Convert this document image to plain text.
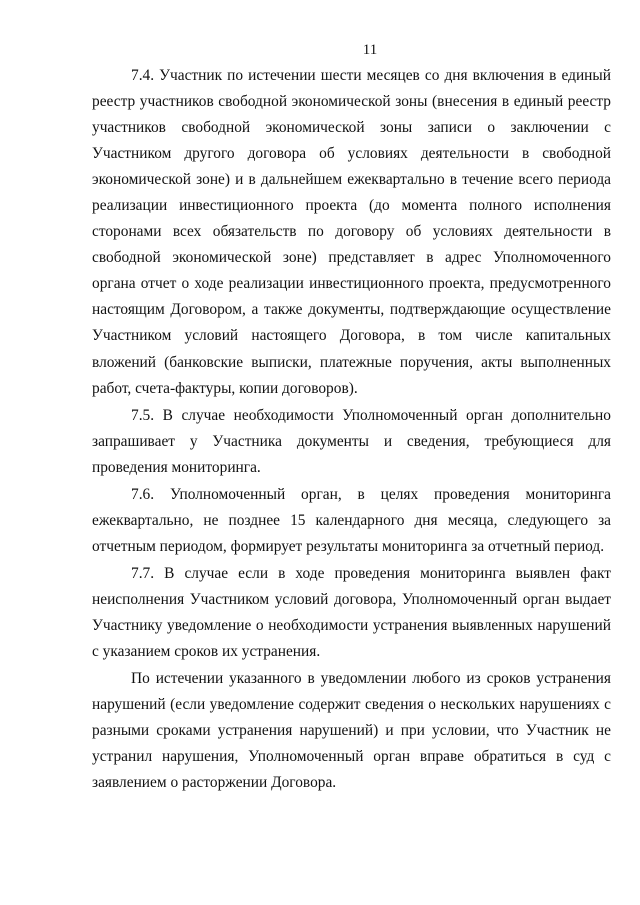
11

7.4. Участник по истечении шести месяцев со дня включения в единый реестр участников свободной экономической зоны (внесения в единый реестр участников свободной экономической зоны записи о заключении с Участником другого договора об условиях деятельности в свободной экономической зоне) и в дальнейшем ежеквартально в течение всего периода реализации инвестиционного проекта (до момента полного исполнения сторонами всех обязательств по договору об условиях деятельности в свободной экономической зоне) представляет в адрес Уполномоченного органа отчет о ходе реализации инвестиционного проекта, предусмотренного настоящим Договором, а также документы, подтверждающие осуществление Участником условий настоящего Договора, в том числе капитальных вложений (банковские выписки, платежные поручения, акты выполненных работ, счета-фактуры, копии договоров).

7.5. В случае необходимости Уполномоченный орган дополнительно запрашивает у Участника документы и сведения, требующиеся для проведения мониторинга.

7.6. Уполномоченный орган, в целях проведения мониторинга ежеквартально, не позднее 15 календарного дня месяца, следующего за отчетным периодом, формирует результаты мониторинга за отчетный период.

7.7. В случае если в ходе проведения мониторинга выявлен факт неисполнения Участником условий договора, Уполномоченный орган выдает Участнику уведомление о необходимости устранения выявленных нарушений с указанием сроков их устранения.

По истечении указанного в уведомлении любого из сроков устранения нарушений (если уведомление содержит сведения о нескольких нарушениях с разными сроками устранения нарушений) и при условии, что Участник не устранил нарушения, Уполномоченный орган вправе обратиться в суд с заявлением о расторжении Договора.
